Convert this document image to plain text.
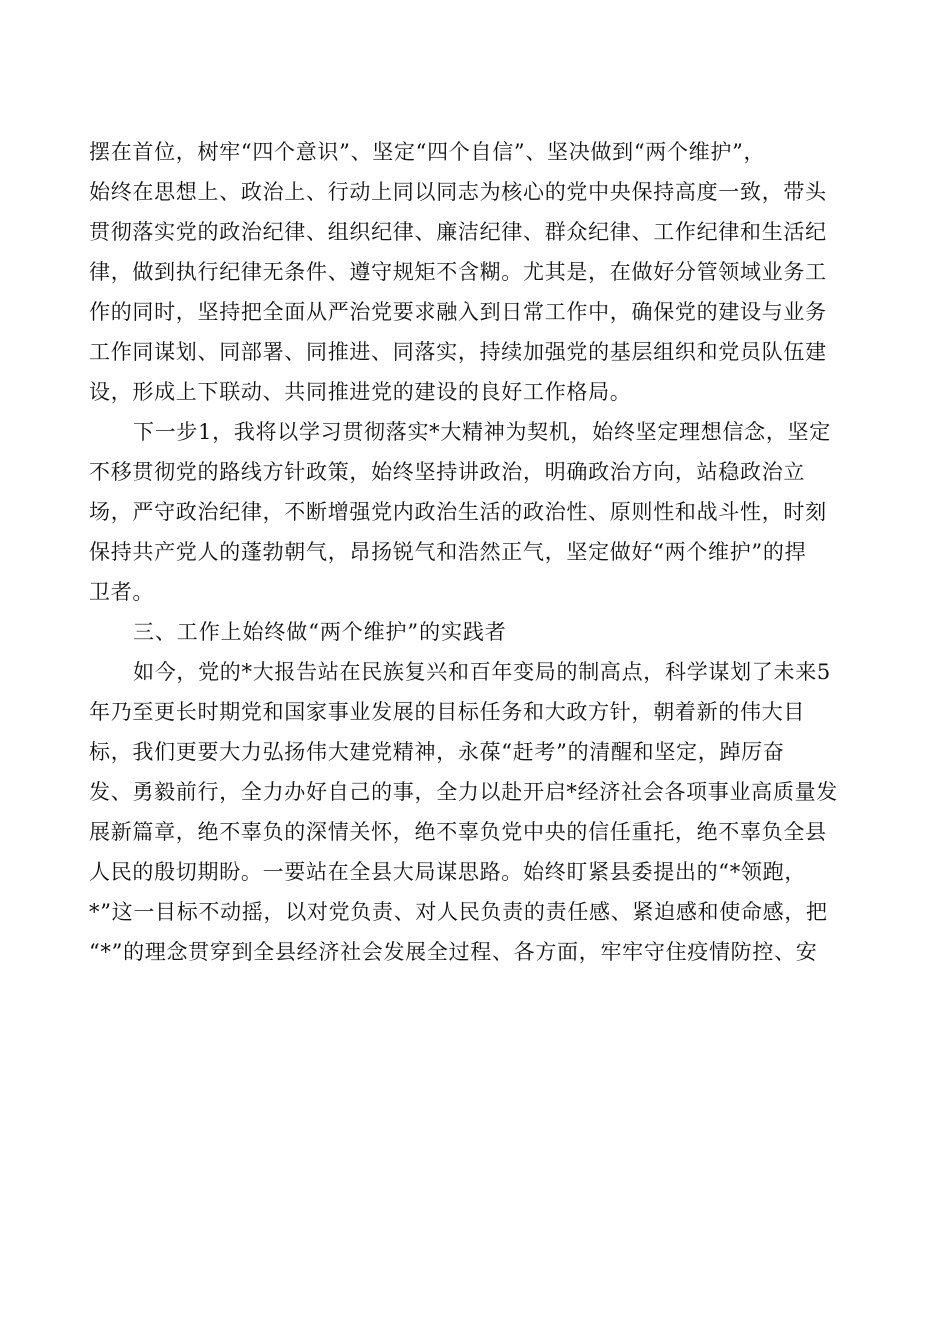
摆在首位，树牢“四个意识”、坚定“四个自信”、坚决做到“两个维护”，
始终在思想上、政治上、行动上同以同志为核心的党中央保持高度一致，带头
贯彻落实党的政治纪律、组织纪律、廉洁纪律、群众纪律、工作纪律和生活纪
律，做到执行纪律无条件、遵守规矩不含糊。尤其是，在做好分管领域业务工
作的同时，坚持把全面从严治党要求融入到日常工作中，确保党的建设与业务
工作同谋划、同部署、同推进、同落实，持续加强党的基层组织和党员队伍建
设，形成上下联动、共同推进党的建设的良好工作格局。
下一步1，我将以学习贯彻落实*大精神为契机，始终坚定理想信念，坚定
不移贯彻党的路线方针政策，始终坚持讲政治，明确政治方向，站稳政治立
场，严守政治纪律，不断增强党内政治生活的政治性、原则性和战斗性，时刻
保持共产党人的蓬勃朝气，昂扬锐气和浩然正气，坚定做好“两个维护”的捍
卫者。
三、工作上始终做“两个维护”的实践者
如今，党的*大报告站在民族复兴和百年变局的制高点，科学谋划了未来5
年乃至更长时期党和国家事业发展的目标任务和大政方针，朝着新的伟大目
标，我们更要大力弘扬伟大建党精神，永葆“赶考”的清醒和坚定，踔厉奋
发、勇毅前行，全力办好自己的事，全力以赴开启*经济社会各项事业高质量发
展新篇章，绝不辜负的深情关怀，绝不辜负党中央的信任重托，绝不辜负全县
人民的殷切期盼。一要站在全县大局谋思路。始终盯紧县委提出的“*领跑，
*”这一目标不动摇，以对党负责、对人民负责的责任感、紧迫感和使命感，把
“*”的理念贯穿到全县经济社会发展全过程、各方面，牢牢守住疫情防控、安
